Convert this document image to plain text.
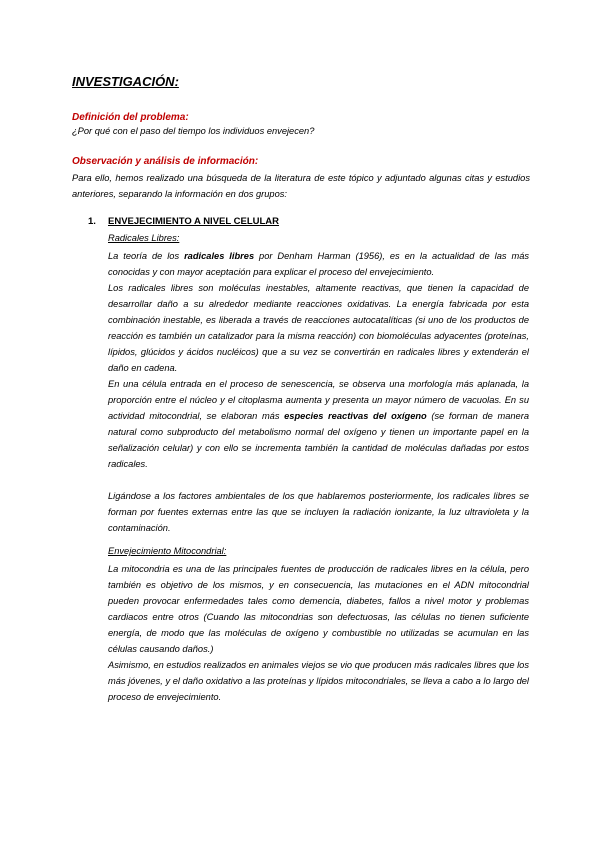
INVESTIGACIÓN:

Definición del problema:

¿Por qué con el paso del tiempo los individuos envejecen?

Observación y análisis de información:

Para ello, hemos realizado una búsqueda de la literatura de este tópico y adjuntado algunas citas y estudios anteriores, separando la información en dos grupos:

1. ENVEJECIMIENTO A NIVEL CELULAR

Radicales Libres:

La teoría de los radicales libres por Denham Harman (1956), es en la actualidad de las más conocidas y con mayor aceptación para explicar el proceso del envejecimiento.

Los radicales libres son moléculas inestables, altamente reactivas, que tienen la capacidad de desarrollar daño a su alrededor mediante reacciones oxidativas. La energía fabricada por esta combinación inestable, es liberada a través de reacciones autocatalíticas (si uno de los productos de reacción es también un catalizador para la misma reacción) con biomoléculas adyacentes (proteínas, lípidos, glúcidos y ácidos nucléicos) que a su vez se convertirán en radicales libres y extenderán el daño en cadena.

En una célula entrada en el proceso de senescencia, se observa una morfología más aplanada, la proporción entre el núcleo y el citoplasma aumenta y presenta un mayor número de vacuolas. En su actividad mitocondrial, se elaboran más especies reactivas del oxígeno (se forman de manera natural como subproducto del metabolismo normal del oxígeno y tienen un importante papel en la señalización celular) y con ello se incrementa también la cantidad de moléculas dañadas por estos radicales.

Ligándose a los factores ambientales de los que hablaremos posteriormente, los radicales libres se forman por fuentes externas entre las que se incluyen la radiación ionizante, la luz ultravioleta y la contaminación.

Envejecimiento Mitocondrial:

La mitocondria es una de las principales fuentes de producción de radicales libres en la célula, pero también es objetivo de los mismos, y en consecuencia, las mutaciones en el ADN mitocondrial pueden provocar enfermedades tales como demencia, diabetes, fallos a nivel motor y problemas cardiacos entre otros (Cuando las mitocondrias son defectuosas, las células no tienen suficiente energía, de modo que las moléculas de oxígeno y combustible no utilizadas se acumulan en las células causando daños.)

Asimismo, en estudios realizados en animales viejos se vio que producen más radicales libres que los más jóvenes, y el daño oxidativo a las proteínas y lípidos mitocondriales, se lleva a cabo a lo largo del proceso de envejecimiento.
